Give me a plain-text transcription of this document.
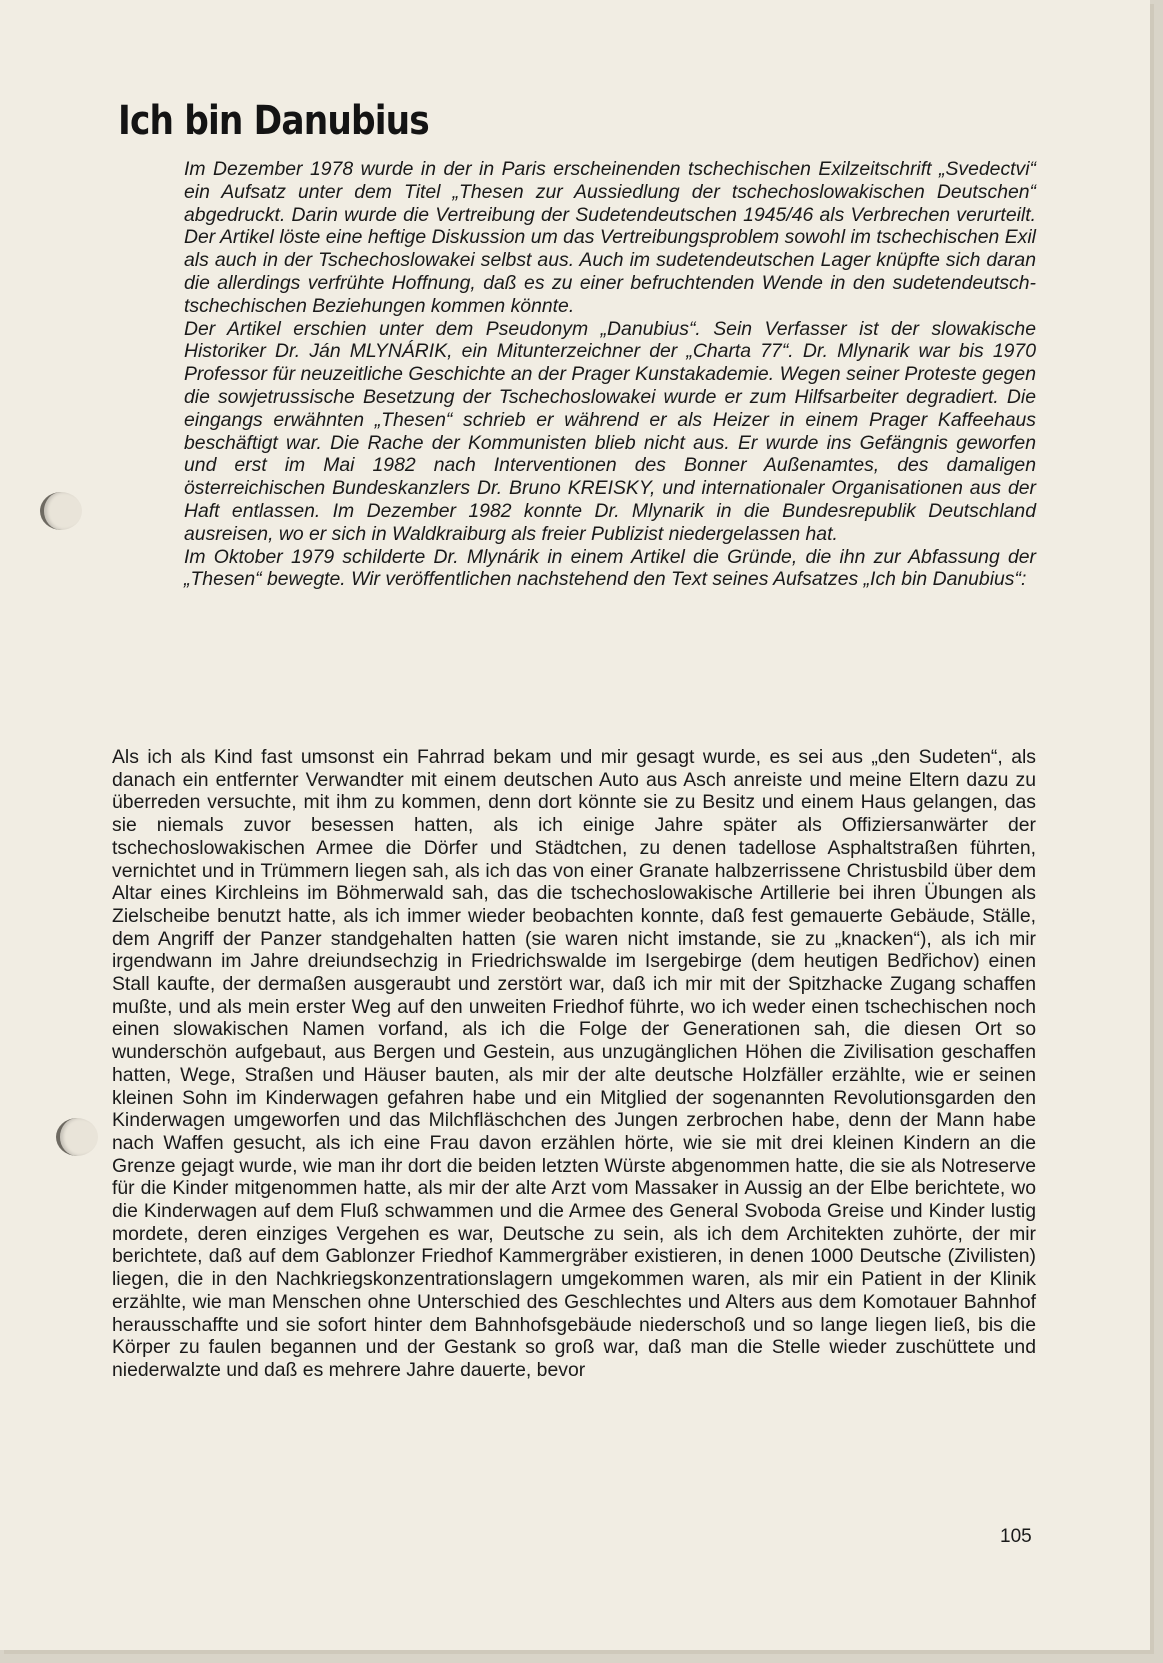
Ich bin Danubius

Im Dezember 1978 wurde in der in Paris erscheinenden tschechischen Exilzeitschrift „Svedectvi“ ein Aufsatz unter dem Titel „Thesen zur Aussiedlung der tschechoslowakischen Deutschen“ abgedruckt. Darin wurde die Vertreibung der Sudetendeutschen 1945/46 als Verbrechen verurteilt. Der Artikel löste eine heftige Diskussion um das Vertreibungsproblem sowohl im tschechischen Exil als auch in der Tschechoslowakei selbst aus. Auch im sudetendeutschen Lager knüpfte sich daran die allerdings verfrühte Hoffnung, daß es zu einer befruchtenden Wende in den sudetendeutsch-tschechischen Beziehungen kommen könnte.

Der Artikel erschien unter dem Pseudonym „Danubius“. Sein Verfasser ist der slowakische Historiker Dr. Ján MLYNÁRIK, ein Mitunterzeichner der „Charta 77“. Dr. Mlynarik war bis 1970 Professor für neuzeitliche Geschichte an der Prager Kunstakademie. Wegen seiner Proteste gegen die sowjetrussische Besetzung der Tschechoslowakei wurde er zum Hilfsarbeiter degradiert. Die eingangs erwähnten „Thesen“ schrieb er während er als Heizer in einem Prager Kaffeehaus beschäftigt war. Die Rache der Kommunisten blieb nicht aus. Er wurde ins Gefängnis geworfen und erst im Mai 1982 nach Interventionen des Bonner Außenamtes, des damaligen österreichischen Bundeskanzlers Dr. Bruno KREISKY, und internationaler Organisationen aus der Haft entlassen. Im Dezember 1982 konnte Dr. Mlynarik in die Bundesrepublik Deutschland ausreisen, wo er sich in Waldkraiburg als freier Publizist niedergelassen hat.

Im Oktober 1979 schilderte Dr. Mlynárik in einem Artikel die Gründe, die ihn zur Abfassung der „Thesen“ bewegte. Wir veröffentlichen nachstehend den Text seines Aufsatzes „Ich bin Danubius“:

Als ich als Kind fast umsonst ein Fahrrad bekam und mir gesagt wurde, es sei aus „den Sudeten“, als danach ein entfernter Verwandter mit einem deutschen Auto aus Asch anreiste und meine Eltern dazu zu überreden versuchte, mit ihm zu kommen, denn dort könnte sie zu Besitz und einem Haus gelangen, das sie niemals zuvor besessen hatten, als ich einige Jahre später als Offiziersanwärter der tschechoslowakischen Armee die Dörfer und Städtchen, zu denen tadellose Asphaltstraßen führten, vernichtet und in Trümmern liegen sah, als ich das von einer Granate halbzerrissene Christusbild über dem Altar eines Kirchleins im Böhmerwald sah, das die tschechoslowakische Artillerie bei ihren Übungen als Zielscheibe benutzt hatte, als ich immer wieder beobachten konnte, daß fest gemauerte Gebäude, Ställe, dem Angriff der Panzer standgehalten hatten (sie waren nicht imstande, sie zu „knacken“), als ich mir irgendwann im Jahre dreiundsechzig in Friedrichswalde im Isergebirge (dem heutigen Bedřichov) einen Stall kaufte, der dermaßen ausgeraubt und zerstört war, daß ich mir mit der Spitzhacke Zugang schaffen mußte, und als mein erster Weg auf den unweiten Friedhof führte, wo ich weder einen tschechischen noch einen slowakischen Namen vorfand, als ich die Folge der Generationen sah, die diesen Ort so wunderschön aufgebaut, aus Bergen und Gestein, aus unzugänglichen Höhen die Zivilisation geschaffen hatten, Wege, Straßen und Häuser bauten, als mir der alte deutsche Holzfäller erzählte, wie er seinen kleinen Sohn im Kinderwagen gefahren habe und ein Mitglied der sogenannten Revolutionsgarden den Kinderwagen umgeworfen und das Milchfläschchen des Jungen zerbrochen habe, denn der Mann habe nach Waffen gesucht, als ich eine Frau davon erzählen hörte, wie sie mit drei kleinen Kindern an die Grenze gejagt wurde, wie man ihr dort die beiden letzten Würste abgenommen hatte, die sie als Notreserve für die Kinder mitgenommen hatte, als mir der alte Arzt vom Massaker in Aussig an der Elbe berichtete, wo die Kinderwagen auf dem Fluß schwammen und die Armee des General Svoboda Greise und Kinder lustig mordete, deren einziges Vergehen es war, Deutsche zu sein, als ich dem Architekten zuhörte, der mir berichtete, daß auf dem Gablonzer Friedhof Kammergräber existieren, in denen 1000 Deutsche (Zivilisten) liegen, die in den Nachkriegskonzentrationslagern umgekommen waren, als mir ein Patient in der Klinik erzählte, wie man Menschen ohne Unterschied des Geschlechtes und Alters aus dem Komotauer Bahnhof herausschaffte und sie sofort hinter dem Bahnhofsgebäude niederschoß und so lange liegen ließ, bis die Körper zu faulen begannen und der Gestank so groß war, daß man die Stelle wieder zuschüttete und niederwalzte und daß es mehrere Jahre dauerte, bevor

105
